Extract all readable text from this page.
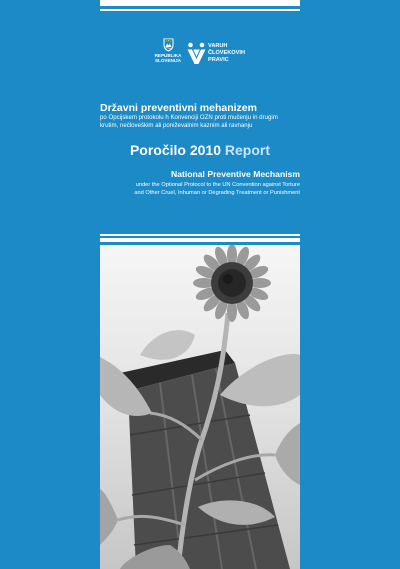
REPUBLIKA
SLOVENIJA
VARUH
ČLOVEKOVIH
PRAVIC
Državni preventivni mehanizem
po Opcijskem protokolu h Konvenciji OZN proti mučenju in drugim
krutim, nečloveškim ali poniževalnim kaznim ali ravnanju
Poročilo 2010 Report
National Preventive Mechanism
under the Optional Protocol to the UN Convention against Torture
and Other Cruel, Inhuman or Degrading Treatment or Punishment
